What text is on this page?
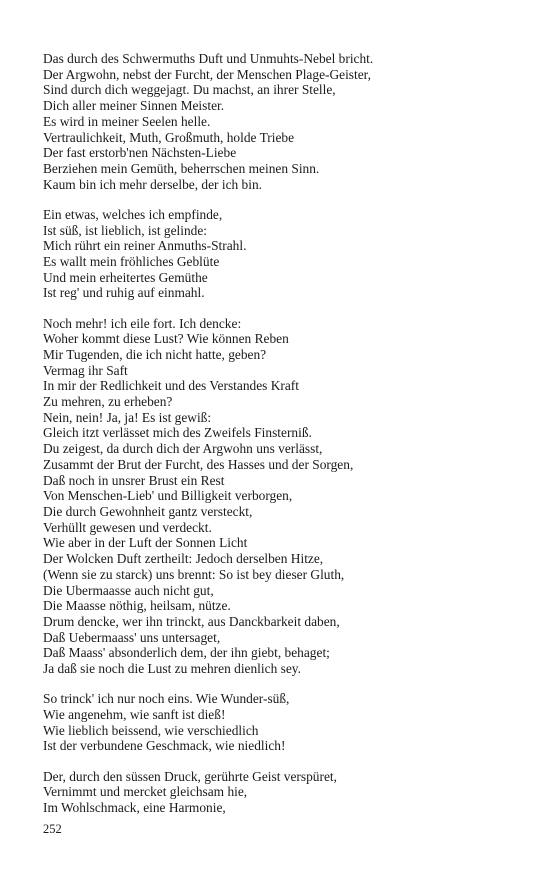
Das durch des Schwermuths Duft und Unmuhts-Nebel bricht.
Der Argwohn, nebst der Furcht, der Menschen Plage-Geister,
Sind durch dich weggejagt. Du machst, an ihrer Stelle,
Dich aller meiner Sinnen Meister.
Es wird in meiner Seelen helle.
Vertraulichkeit, Muth, Großmuth, holde Triebe
Der fast erstorb'nen Nächsten-Liebe
Berziehen mein Gemüth, beherrschen meinen Sinn.
Kaum bin ich mehr derselbe, der ich bin.
Ein etwas, welches ich empfinde,
Ist süß, ist lieblich, ist gelinde:
Mich rührt ein reiner Anmuths-Strahl.
Es wallt mein fröhliches Geblüte
Und mein erheitertes Gemüthe
Ist reg' und ruhig auf einmahl.
Noch mehr! ich eile fort. Ich dencke:
Woher kommt diese Lust? Wie können Reben
Mir Tugenden, die ich nicht hatte, geben?
Vermag ihr Saft
In mir der Redlichkeit und des Verstandes Kraft
Zu mehren, zu erheben?
Nein, nein! Ja, ja! Es ist gewiß:
Gleich itzt verlässet mich des Zweifels Finsterniß.
Du zeigest, da durch dich der Argwohn uns verlässt,
Zusammt der Brut der Furcht, des Hasses und der Sorgen,
Daß noch in unsrer Brust ein Rest
Von Menschen-Lieb' und Billigkeit verborgen,
Die durch Gewohnheit gantz versteckt,
Verhüllt gewesen und verdeckt.
Wie aber in der Luft der Sonnen Licht
Der Wolcken Duft zertheilt: Jedoch derselben Hitze,
(Wenn sie zu starck) uns brennt: So ist bey dieser Gluth,
Die Ubermaasse auch nicht gut,
Die Maasse nöthig, heilsam, nütze.
Drum dencke, wer ihn trinckt, aus Danckbarkeit daben,
Daß Uebermaass' uns untersaget,
Daß Maass' absonderlich dem, der ihn giebt, behaget;
Ja daß sie noch die Lust zu mehren dienlich sey.
So trinck' ich nur noch eins. Wie Wunder-süß,
Wie angenehm, wie sanft ist dieß!
Wie lieblich beissend, wie verschiedlich
Ist der verbundene Geschmack, wie niedlich!
Der, durch den süssen Druck, gerührte Geist verspüret,
Vernimmt und mercket gleichsam hie,
Im Wohlschmack, eine Harmonie,
252
